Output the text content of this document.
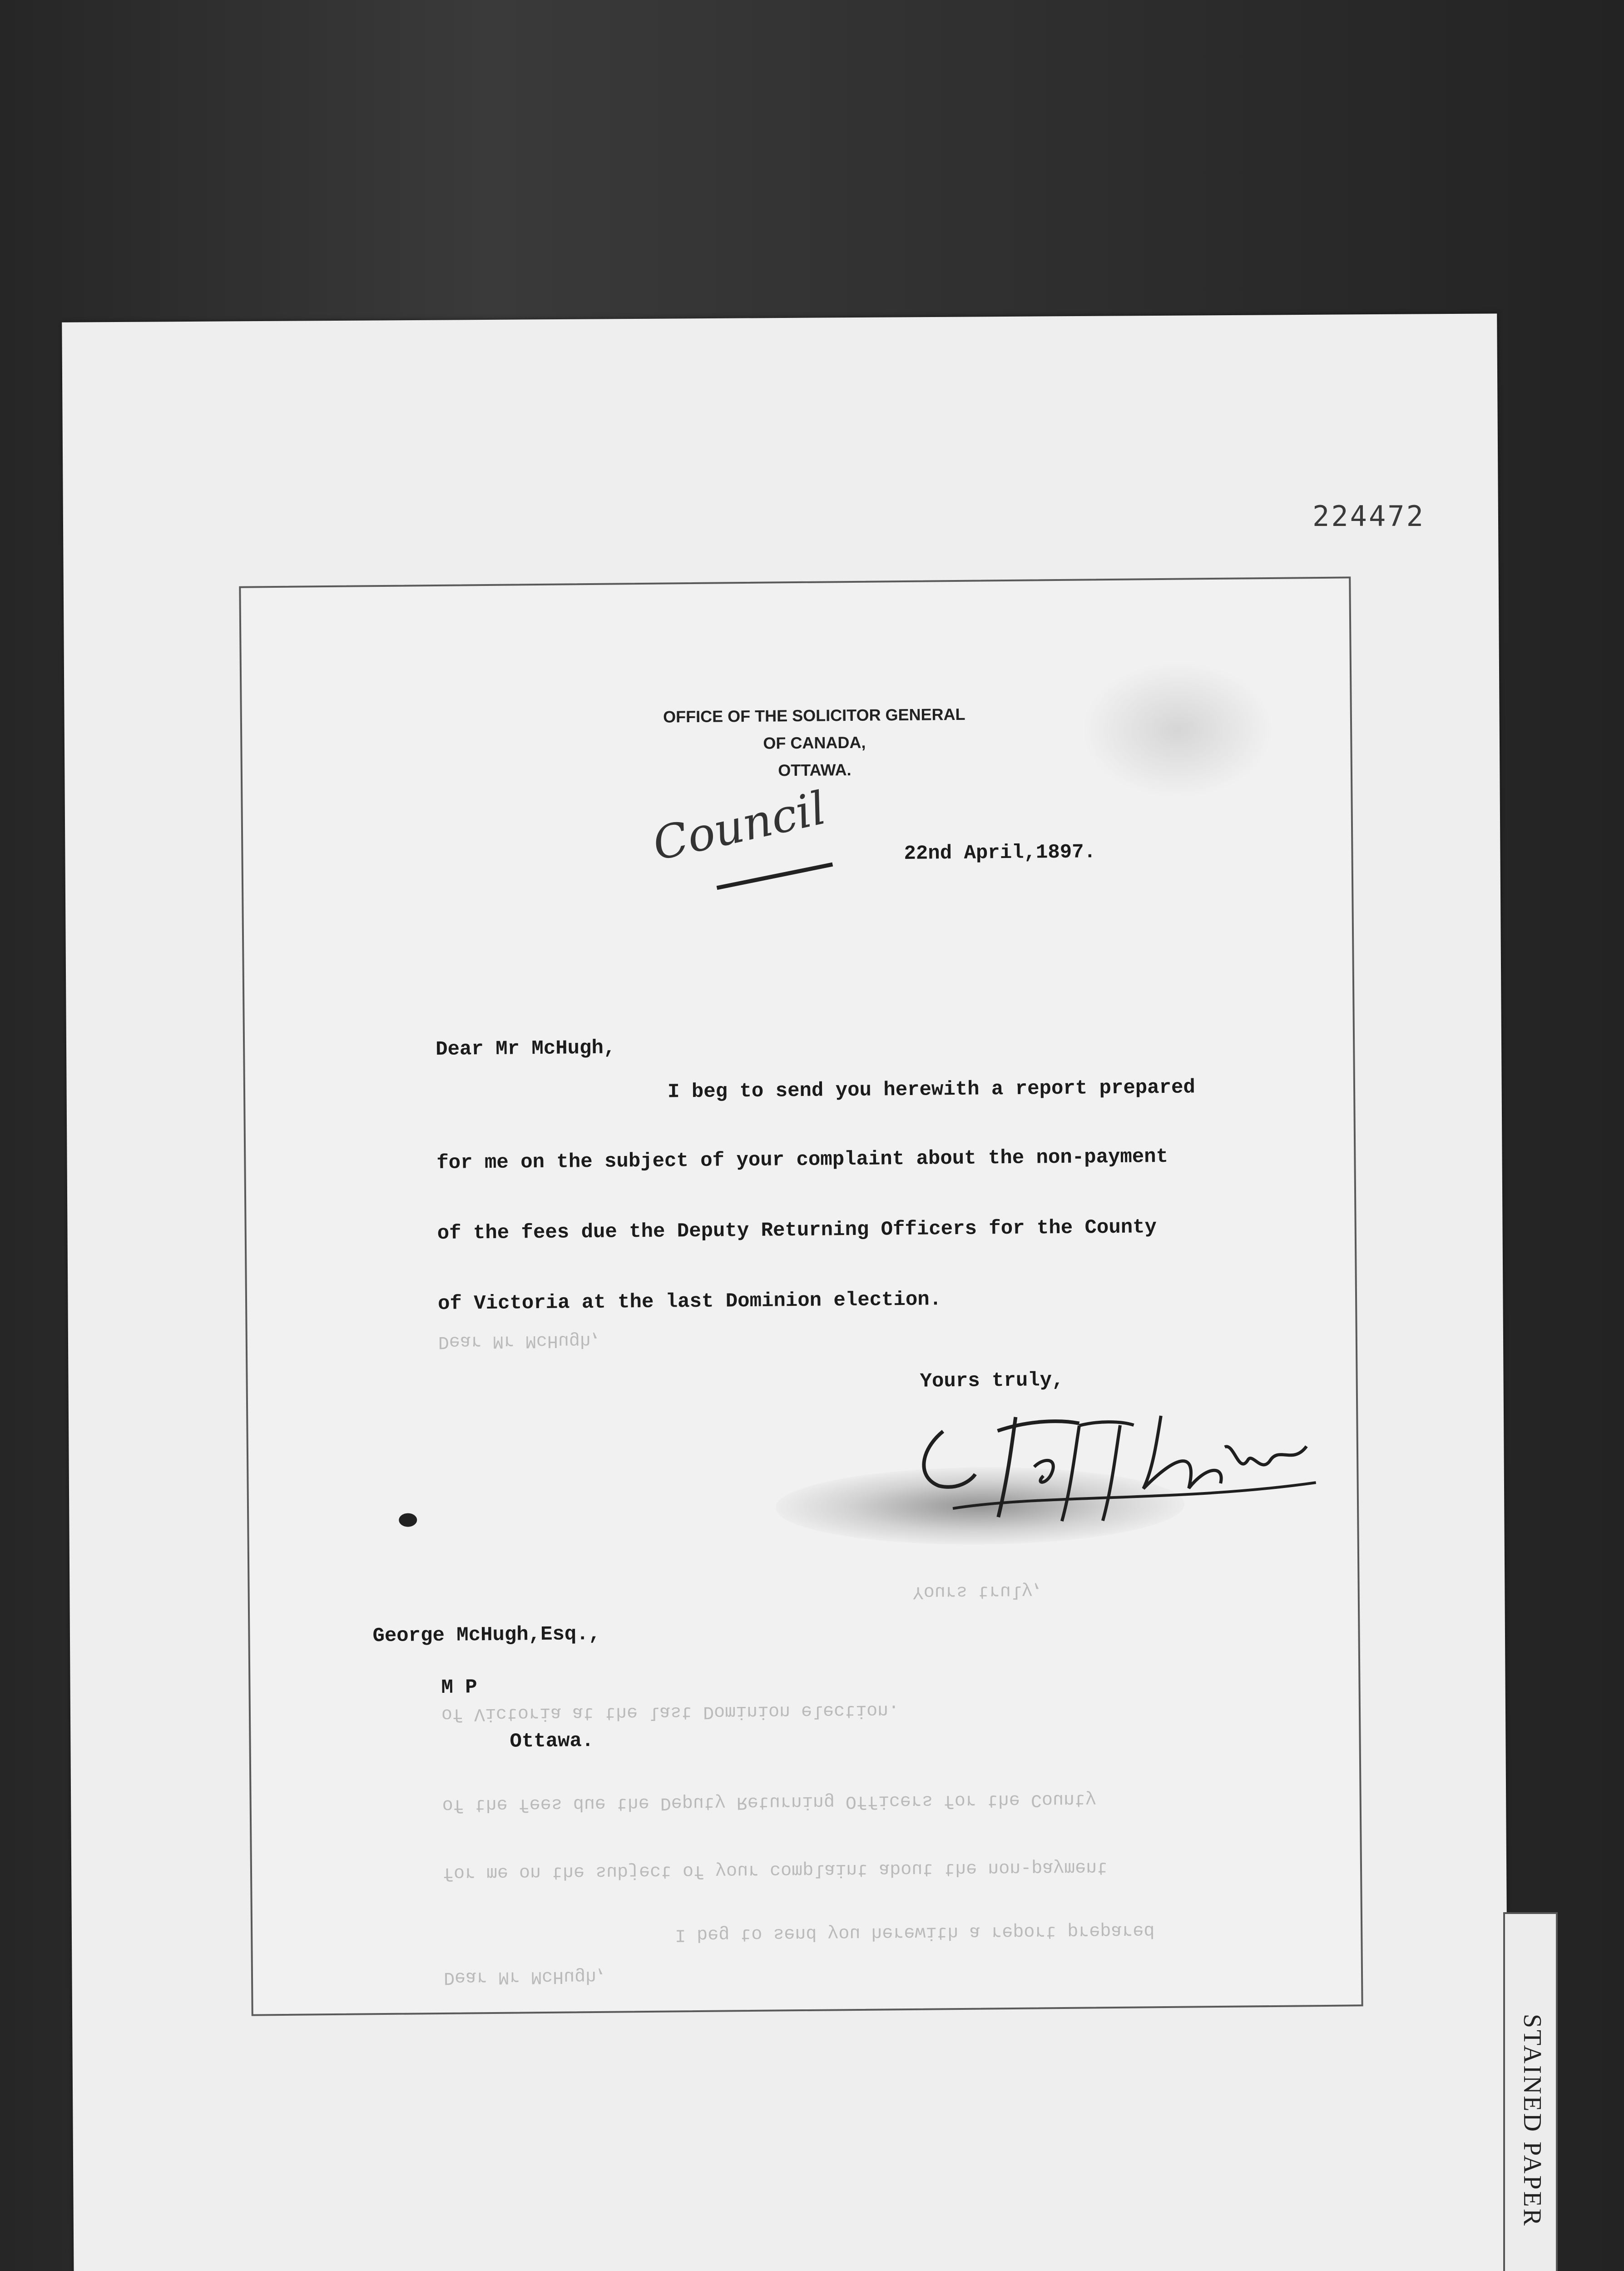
224472
OFFICE OF THE SOLICITOR GENERAL
OF CANADA,
OTTAWA.
Council	22nd April,1897.
Dear Mr McHugh,
I beg to send you herewith a report prepared
for me on the subject of your complaint about the non-payment
of the fees due the Deputy Returning Officers for the County
of Victoria at the last Dominion election.
Dear Mr McHugh,
Yours truly,
Yours truly,
George McHugh,Esq.,
M P
of Victoria at the last Dominion election.
Ottawa.
of the fees due the Deputy Returning Officers for the County
for me on the subject of your complaint about the non-payment
I beg to send you herewith a report prepared
Dear Mr McHugh,
STAINED PAPER
